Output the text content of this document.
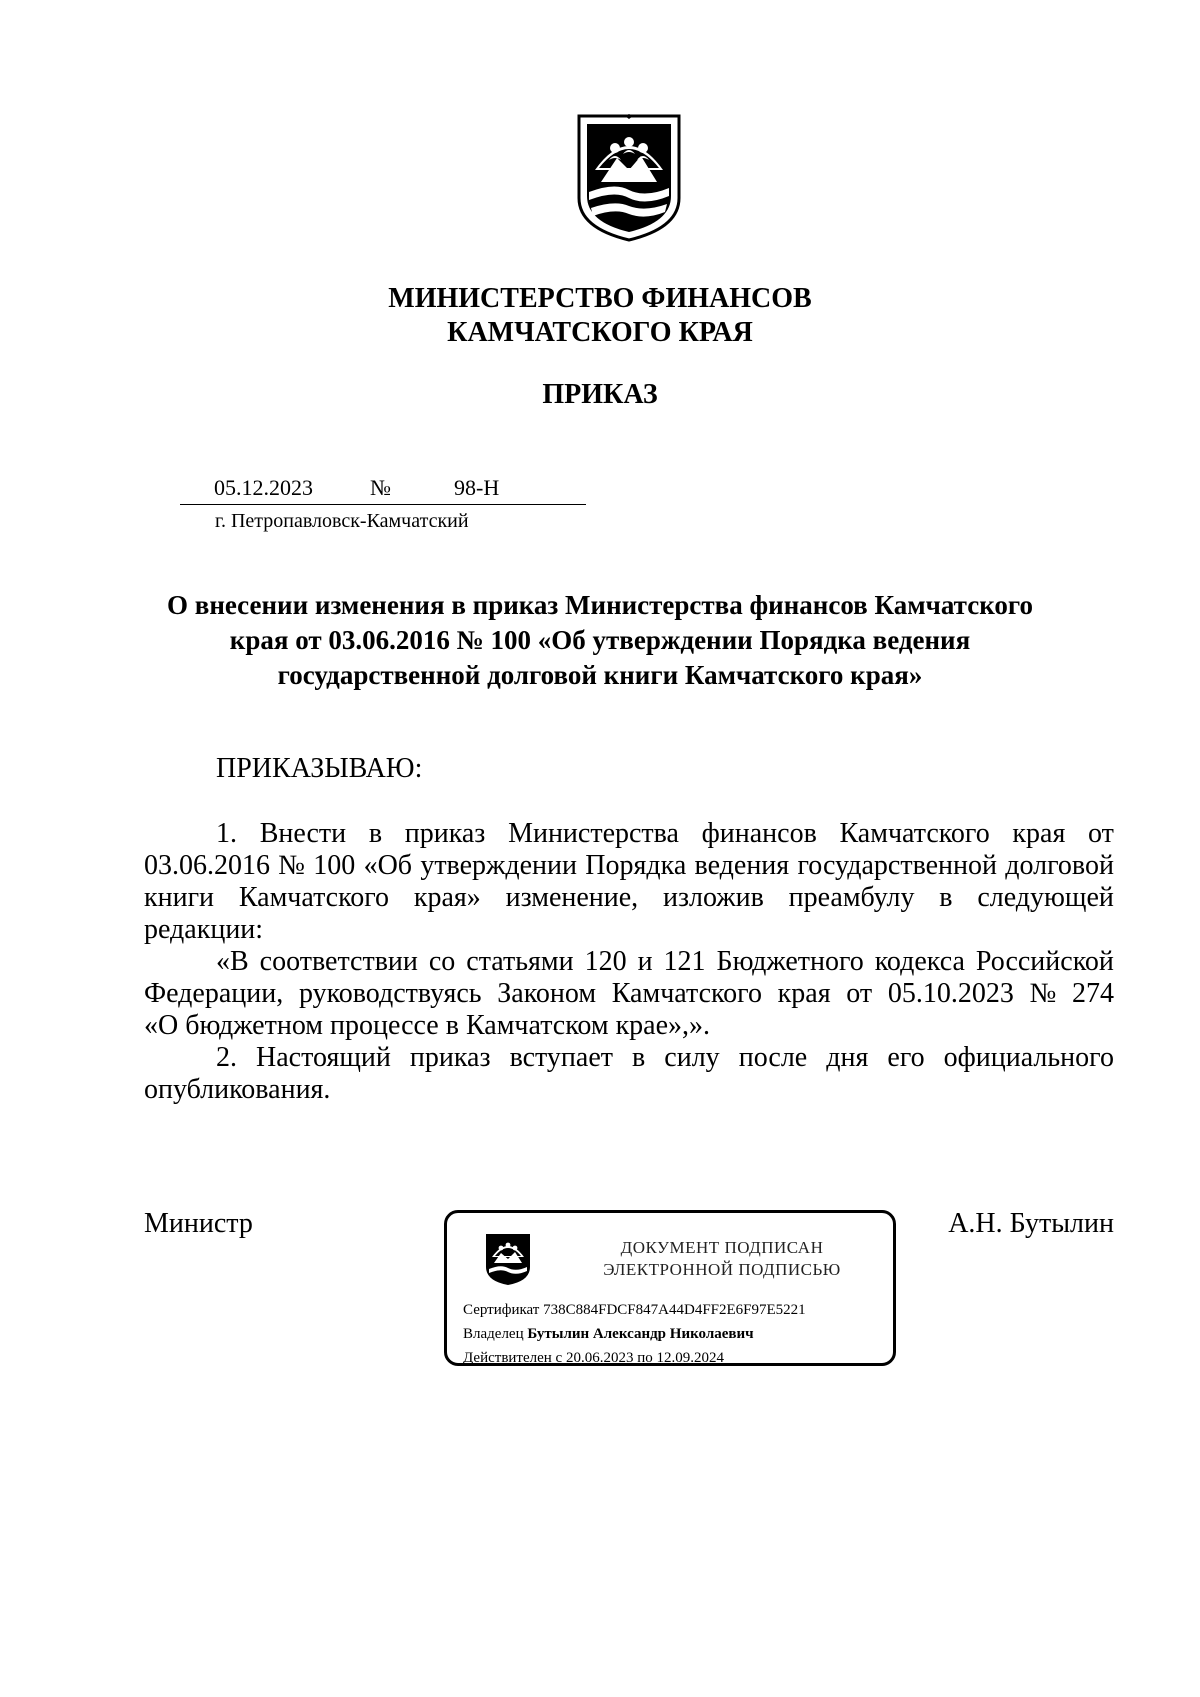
МИНИСТЕРСТВО ФИНАНСОВ
КАМЧАТСКОГО КРАЯ
ПРИКАЗ
05.12.2023	№	98-Н
г. Петропавловск-Камчатский
О внесении изменения в приказ Министерства финансов Камчатского
края от 03.06.2016 № 100 «Об утверждении Порядка ведения
государственной долговой книги Камчатского края»
ПРИКАЗЫВАЮ:
1. Внести в приказ Министерства финансов Камчатского края от
03.06.2016 № 100 «Об утверждении Порядка ведения государственной долговой
книги Камчатского края» изменение, изложив преамбулу в следующей
редакции:
«В соответствии со статьями 120 и 121 Бюджетного кодекса Российской
Федерации, руководствуясь Законом Камчатского края от 05.10.2023 № 274
«О бюджетном процессе в Камчатском крае»,».
2. Настоящий приказ вступает в силу после дня его официального
опубликования.
Министр	А.Н. Бутылин
ДОКУМЕНТ ПОДПИСАН
ЭЛЕКТРОННОЙ ПОДПИСЬЮ
Сертификат 738C884FDCF847A44D4FF2E6F97E5221
Владелец Бутылин Александр Николаевич
Действителен с 20.06.2023 по 12.09.2024
